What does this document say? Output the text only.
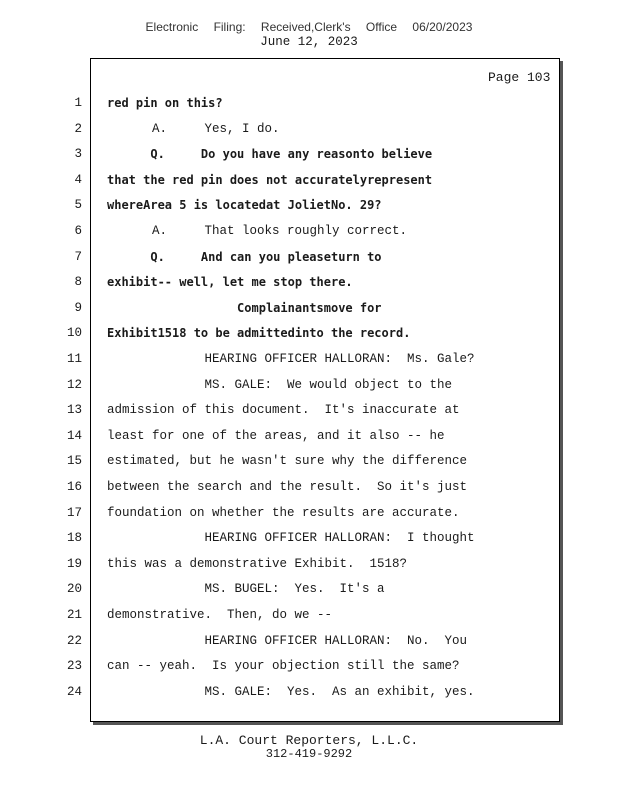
Electronic Filing: Received,Clerk's Office 06/20/2023
June 12, 2023
Page 103
1 red pin on this?
2 A.     Yes, I do.
3 Q.     Do you have any reasonto believe
4 that the red pin does not accuratelyrepresent
5 whereArea 5 is locatedat JolietNo. 29?
6 A.     That looks roughly correct.
7 Q.     And can you pleaseturn to
8 exhibit-- well, let me stop there.
9 Complainantsmove for
10 Exhibit1518 to be admittedinto the record.
11 HEARING OFFICER HALLORAN:  Ms. Gale?
12 MS. GALE:  We would object to the
13 admission of this document.  It's inaccurate at
14 least for one of the areas, and it also -- he
15 estimated, but he wasn't sure why the difference
16 between the search and the result.  So it's just
17 foundation on whether the results are accurate.
18 HEARING OFFICER HALLORAN:  I thought
19 this was a demonstrative Exhibit.  1518?
20 MS. BUGEL:  Yes.  It's a
21 demonstrative.  Then, do we --
22 HEARING OFFICER HALLORAN:  No.  You
23 can -- yeah.  Is your objection still the same?
24 MS. GALE:  Yes.  As an exhibit, yes.
L.A. Court Reporters, L.L.C.
312-419-9292
